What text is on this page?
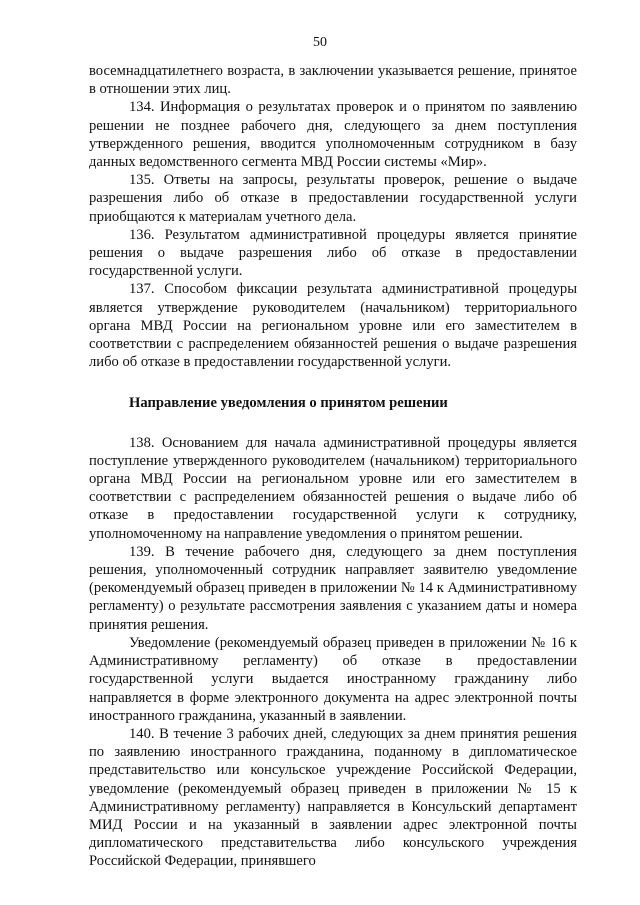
50

восемнадцатилетнего возраста, в заключении указывается решение, принятое в отношении этих лиц.

134. Информация о результатах проверок и о принятом по заявлению решении не позднее рабочего дня, следующего за днем поступления утвержденного решения, вводится уполномоченным сотрудником в базу данных ведомственного сегмента МВД России системы «Мир».

135. Ответы на запросы, результаты проверок, решение о выдаче разрешения либо об отказе в предоставлении государственной услуги приобщаются к материалам учетного дела.

136. Результатом административной процедуры является принятие решения о выдаче разрешения либо об отказе в предоставлении государственной услуги.

137. Способом фиксации результата административной процедуры является утверждение руководителем (начальником) территориального органа МВД России на региональном уровне или его заместителем в соответствии с распределением обязанностей решения о выдаче разрешения либо об отказе в предоставлении государственной услуги.

Направление уведомления о принятом решении

138. Основанием для начала административной процедуры является поступление утвержденного руководителем (начальником) территориального органа МВД России на региональном уровне или его заместителем в соответствии с распределением обязанностей решения о выдаче либо об отказе в предоставлении государственной услуги к сотруднику, уполномоченному на направление уведомления о принятом решении.

139. В течение рабочего дня, следующего за днем поступления решения, уполномоченный сотрудник направляет заявителю уведомление (рекомендуемый образец приведен в приложении № 14 к Административному регламенту) о результате рассмотрения заявления с указанием даты и номера принятия решения.

Уведомление (рекомендуемый образец приведен в приложении № 16 к Административному регламенту) об отказе в предоставлении государственной услуги выдается иностранному гражданину либо направляется в форме электронного документа на адрес электронной почты иностранного гражданина, указанный в заявлении.

140. В течение 3 рабочих дней, следующих за днем принятия решения по заявлению иностранного гражданина, поданному в дипломатическое представительство или консульское учреждение Российской Федерации, уведомление (рекомендуемый образец приведен в приложении № 15 к Административному регламенту) направляется в Консульский департамент МИД России и на указанный в заявлении адрес электронной почты дипломатического представительства либо консульского учреждения Российской Федерации, принявшего
